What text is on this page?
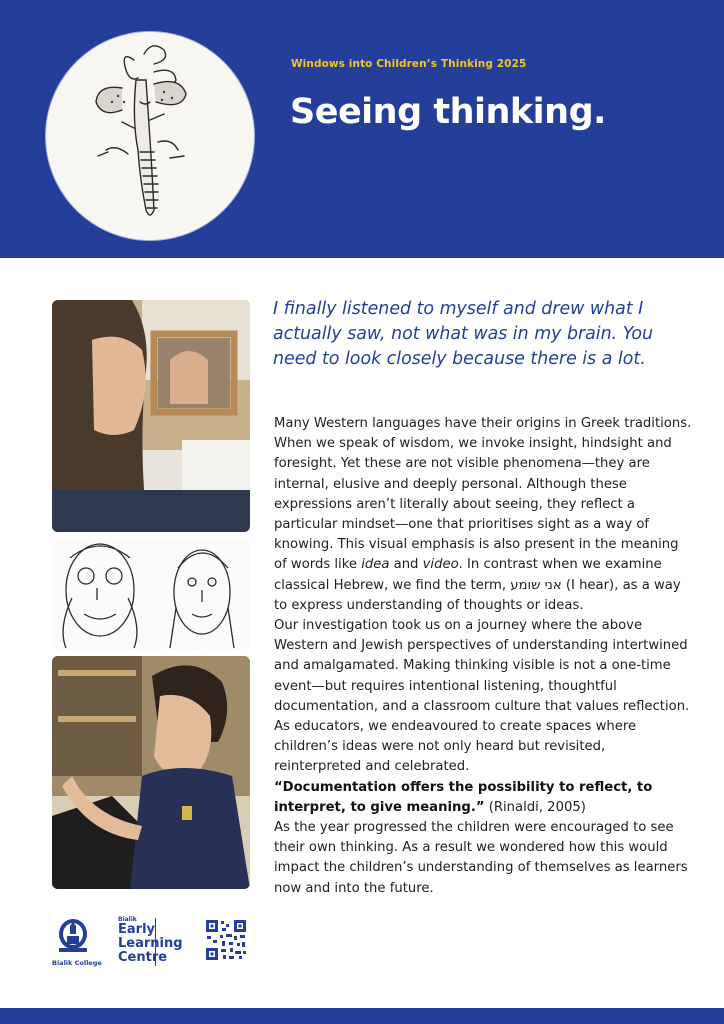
Windows into Children’s Thinking 2025
Seeing thinking.
I finally listened to myself and drew what I actually saw, not what was in my brain. You need to look closely because there is a lot.

Many Western languages have their origins in Greek traditions. When we speak of wisdom, we invoke insight, hindsight and foresight. Yet these are not visible phenomena—they are internal, elusive and deeply personal. Although these expressions aren’t literally about seeing, they reflect a particular mindset—one that prioritises sight as a way of knowing. This visual emphasis is also present in the meaning of words like idea and video. In contrast when we examine classical Hebrew, we find the term, אני שומע (I hear), as a way to express understanding of thoughts or ideas.

Our investigation took us on a journey where the above Western and Jewish perspectives of understanding intertwined and amalgamated. Making thinking visible is not a one-time event—but requires intentional listening, thoughtful documentation, and a classroom culture that values reflection. As educators, we endeavoured to create spaces where children’s ideas were not only heard but revisited, reinterpreted and celebrated.

“Documentation offers the possibility to reflect, to interpret, to give meaning.” (Rinaldi, 2005)

As the year progressed the children were encouraged to see their own thinking. As a result we wondered how this would impact the children’s understanding of themselves as learners now and into the future.

Bialik College
Bialik
Early Learning Centre
